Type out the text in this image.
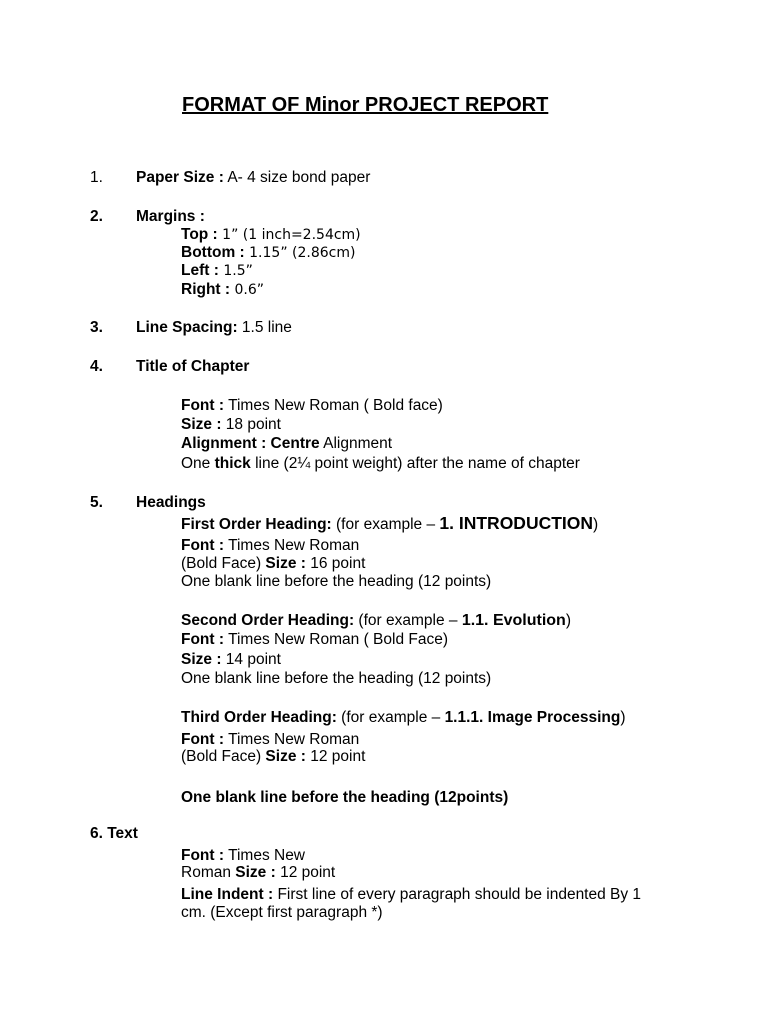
FORMAT OF Minor PROJECT REPORT
1. Paper Size : A- 4 size bond paper
2. Margins :
Top : 1” (1 inch=2.54cm)
Bottom : 1.15” (2.86cm)
Left : 1.5”
Right : 0.6”
3. Line Spacing: 1.5 line
4. Title of Chapter
Font : Times New Roman ( Bold face)
Size : 18 point
Alignment : Centre Alignment
One thick line (2¼ point weight) after the name of chapter
5. Headings
First Order Heading: (for example – 1. INTRODUCTION)
Font : Times New Roman
(Bold Face) Size : 16 point
One blank line before the heading (12 points)
Second Order Heading: (for example – 1.1. Evolution)
Font : Times New Roman ( Bold Face)
Size : 14 point
One blank line before the heading (12 points)
Third Order Heading: (for example – 1.1.1. Image Processing)
Font : Times New Roman
(Bold Face) Size : 12 point
One blank line before the heading (12points)
6. Text
Font : Times New
Roman Size : 12 point
Line Indent : First line of every paragraph should be indented By 1
cm. (Except first paragraph *)
